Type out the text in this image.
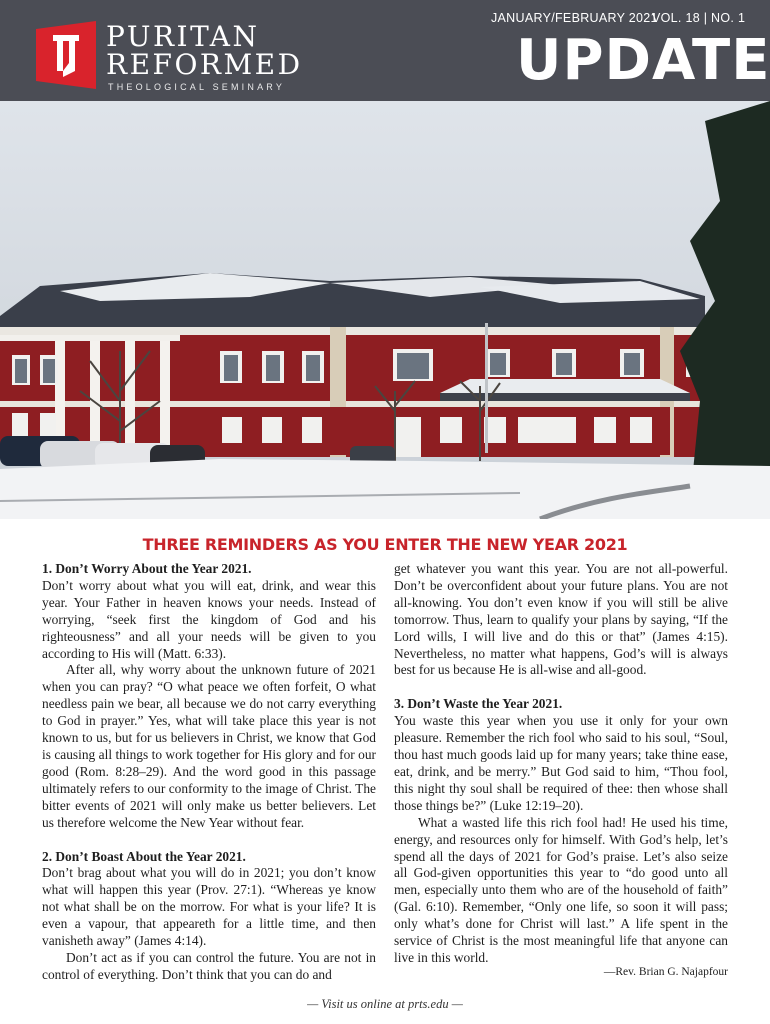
PURITAN
REFORMED
THEOLOGICAL SEMINARY
JANUARY/FEBRUARY 2021
VOL. 18 | NO. 1
UPDATE
THREE REMINDERS AS YOU ENTER THE NEW YEAR 2021
1. Don’t Worry About the Year 2021.

Don’t worry about what you will eat, drink, and wear this year. Your Father in heaven knows your needs. Instead of worrying, “seek first the kingdom of God and his righteousness” and all your needs will be given to you according to His will (Matt. 6:33).

After all, why worry about the unknown future of 2021 when you can pray? “O what peace we often forfeit, O what needless pain we bear, all because we do not carry everything to God in prayer.” Yes, what will take place this year is not known to us, but for us believers in Christ, we know that God is causing all things to work together for His glory and for our good (Rom. 8:28–29). And the word good in this passage ultimately refers to our conformity to the image of Christ. The bitter events of 2021 will only make us better believers. Let us therefore welcome the New Year without fear.

2. Don’t Boast About the Year 2021.

Don’t brag about what you will do in 2021; you don’t know what will happen this year (Prov. 27:1). “Whereas ye know not what shall be on the morrow. For what is your life? It is even a vapour, that appeareth for a little time, and then vanisheth away” (James 4:14).

Don’t act as if you can control the future. You are not in control of everything. Don’t think that you can do and

get whatever you want this year. You are not all-powerful. Don’t be overconfident about your future plans. You are not all-knowing. You don’t even know if you will still be alive tomorrow. Thus, learn to qualify your plans by saying, “If the Lord wills, I will live and do this or that” (James 4:15). Nevertheless, no matter what happens, God’s will is always best for us because He is all-wise and all-good.

3. Don’t Waste the Year 2021.

You waste this year when you use it only for your own pleasure. Remember the rich fool who said to his soul, “Soul, thou hast much goods laid up for many years; take thine ease, eat, drink, and be merry.” But God said to him, “Thou fool, this night thy soul shall be required of thee: then whose shall those things be?” (Luke 12:19–20).

What a wasted life this rich fool had! He used his time, energy, and resources only for himself. With God’s help, let’s spend all the days of 2021 for God’s praise. Let’s also seize all God-given opportunities this year to “do good unto all men, especially unto them who are of the household of faith” (Gal. 6:10). Remember, “Only one life, so soon it will pass; only what’s done for Christ will last.” A life spent in the service of Christ is the most meaningful life that anyone can live in this world.

—Rev. Brian G. Najapfour
— Visit us online at prts.edu —
